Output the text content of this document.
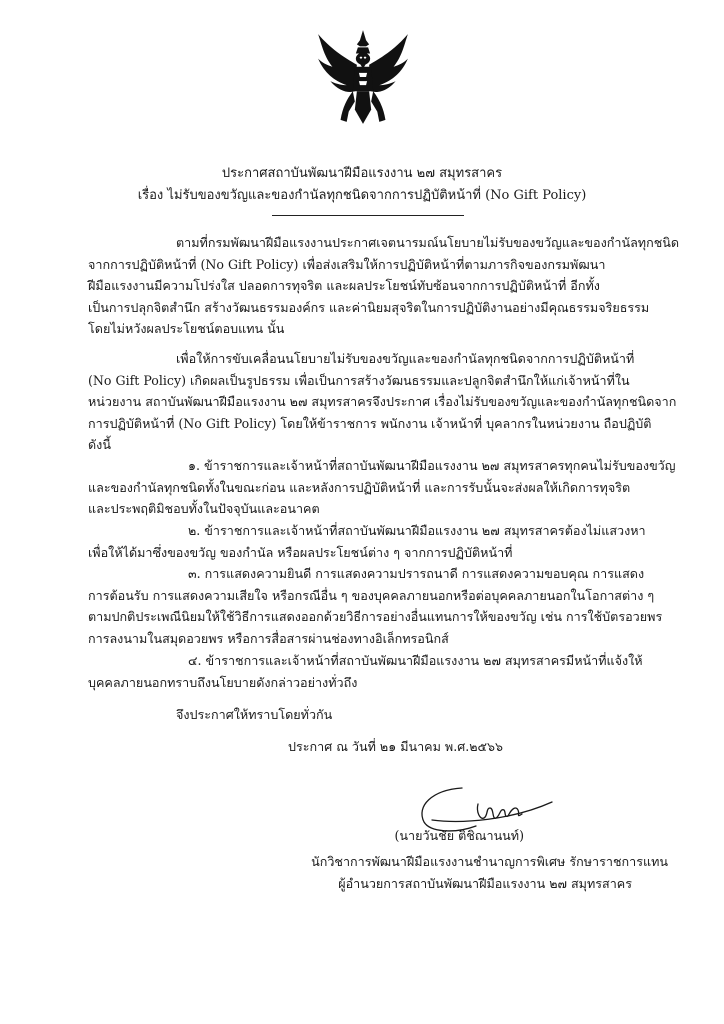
ประกาศสถาบันพัฒนาฝีมือแรงงาน ๒๗ สมุทรสาคร
เรื่อง ไม่รับของขวัญและของกำนัลทุกชนิดจากการปฏิบัติหน้าที่ (No Gift Policy)

ตามที่กรมพัฒนาฝีมือแรงงานประกาศเจตนารมณ์นโยบายไม่รับของขวัญและของกำนัลทุกชนิด
จากการปฏิบัติหน้าที่ (No Gift Policy) เพื่อส่งเสริมให้การปฏิบัติหน้าที่ตามภารกิจของกรมพัฒนา
ฝีมือแรงงานมีความโปร่งใส ปลอดการทุจริต และผลประโยชน์ทับซ้อนจากการปฏิบัติหน้าที่ อีกทั้ง
เป็นการปลุกจิตสำนึก สร้างวัฒนธรรมองค์กร และค่านิยมสุจริตในการปฏิบัติงานอย่างมีคุณธรรมจริยธรรม
โดยไม่หวังผลประโยชน์ตอบแทน นั้น

เพื่อให้การขับเคลื่อนนโยบายไม่รับของขวัญและของกำนัลทุกชนิดจากการปฏิบัติหน้าที่
(No Gift Policy) เกิดผลเป็นรูปธรรม เพื่อเป็นการสร้างวัฒนธรรมและปลูกจิตสำนึกให้แก่เจ้าหน้าที่ใน
หน่วยงาน สถาบันพัฒนาฝีมือแรงงาน ๒๗ สมุทรสาครจึงประกาศ เรื่องไม่รับของขวัญและของกำนัลทุกชนิดจาก
การปฏิบัติหน้าที่ (No Gift Policy) โดยให้ข้าราชการ พนักงาน เจ้าหน้าที่ บุคลากรในหน่วยงาน ถือปฏิบัติ
ดังนี้

๑. ข้าราชการและเจ้าหน้าที่สถาบันพัฒนาฝีมือแรงงาน ๒๗ สมุทรสาครทุกคนไม่รับของขวัญ
และของกำนัลทุกชนิดทั้งในขณะก่อน และหลังการปฏิบัติหน้าที่ และการรับนั้นจะส่งผลให้เกิดการทุจริต
และประพฤติมิชอบทั้งในปัจจุบันและอนาคต

๒. ข้าราชการและเจ้าหน้าที่สถาบันพัฒนาฝีมือแรงงาน ๒๗ สมุทรสาครต้องไม่แสวงหา
เพื่อให้ได้มาซึ่งของขวัญ ของกำนัล หรือผลประโยชน์ต่าง ๆ จากการปฏิบัติหน้าที่

๓. การแสดงความยินดี การแสดงความปรารถนาดี การแสดงความขอบคุณ การแสดง
การต้อนรับ การแสดงความเสียใจ หรือกรณีอื่น ๆ ของบุคคลภายนอกหรือต่อบุคคลภายนอกในโอกาสต่าง ๆ
ตามปกติประเพณีนิยมให้ใช้วิธีการแสดงออกด้วยวิธีการอย่างอื่นแทนการให้ของขวัญ เช่น การใช้บัตรอวยพร
การลงนามในสมุดอวยพร หรือการสื่อสารผ่านช่องทางอิเล็กทรอนิกส์

๔. ข้าราชการและเจ้าหน้าที่สถาบันพัฒนาฝีมือแรงงาน ๒๗ สมุทรสาครมีหน้าที่แจ้งให้
บุคคลภายนอกทราบถึงนโยบายดังกล่าวอย่างทั่วถึง

จึงประกาศให้ทราบโดยทั่วกัน
ประกาศ ณ วันที่ ๒๑ มีนาคม พ.ศ.๒๕๖๖
(นายวันชัย ติชิณานนท์)
นักวิชาการพัฒนาฝีมือแรงงานชำนาญการพิเศษ รักษาราชการแทน
ผู้อำนวยการสถาบันพัฒนาฝีมือแรงงาน ๒๗ สมุทรสาคร
